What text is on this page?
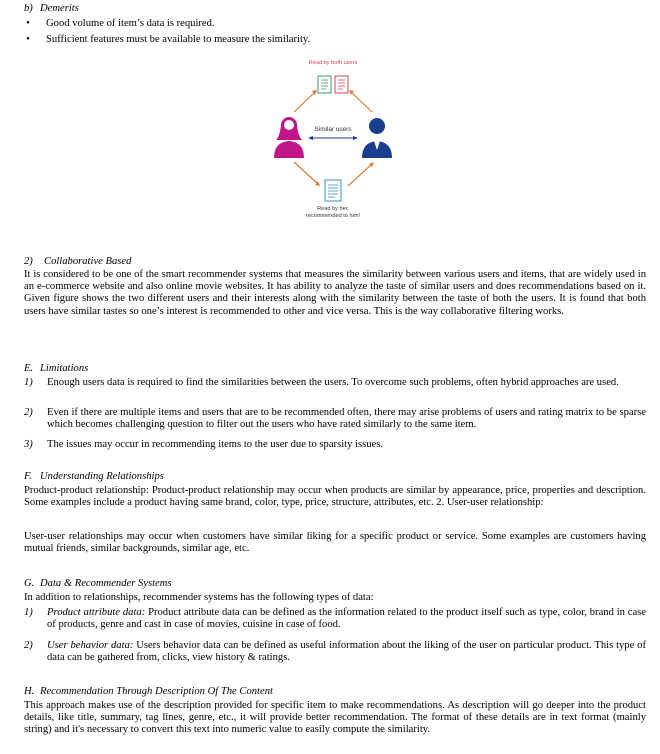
b) Demerits
• Good volume of item’s data is required.
• Sufficient features must be available to measure the similarity.
Read by both users
Similar users
Read by her,
recommended to him!
2) Collaborative Based
It is considered to be one of the smart recommender systems that measures the similarity between various users and items, that are widely used in an e-commerce website and also online movie websites. It has ability to analyze the taste of similar users and does recommendations based on it. Given figure shows the two different users and their interests along with the similarity between the taste of both the users. It is found that both users have similar tastes so one’s interest is recommended to other and vice versa. This is the way collaborative filtering works.
E. Limitations
1) Enough users data is required to find the similarities between the users. To overcome such problems, often hybrid approaches are used.
2) Even if there are multiple items and users that are to be recommended often, there may arise problems of users and rating matrix to be sparse which becomes challenging question to filter out the users who have rated similarly to the same item.
3) The issues may occur in recommending items to the user due to sparsity issues.
F. Understanding Relationships
Product-product relationship: Product-product relationship may occur when products are similar by appearance, price, properties and description. Some examples include a product having same brand, color, type, price, structure, attributes, etc. 2. User-user relationship:
User-user relationships may occur when customers have similar liking for a specific product or service. Some examples are customers having mutual friends, similar backgrounds, similar age, etc.
G. Data & Recommender Systems
In addition to relationships, recommender systems has the following types of data:
1) Product attribute data: Product attribute data can be defined as the information related to the product itself such as type, color, brand in case of products, genre and cast in case of movies, cuisine in case of food.
2) User behavior data: Users behavior data can be defined as useful information about the liking of the user on particular product. This type of data can be gathered from, clicks, view history & ratings.
H. Recommendation Through Description Of The Content
This approach makes use of the description provided for specific item to make recommendations. As description will go deeper into the product details, like title, summary, tag lines, genre, etc., it will provide better recommendation. The format of these details are in text format (mainly string) and it's necessary to convert this text into numeric value to easily compute the similarity.
